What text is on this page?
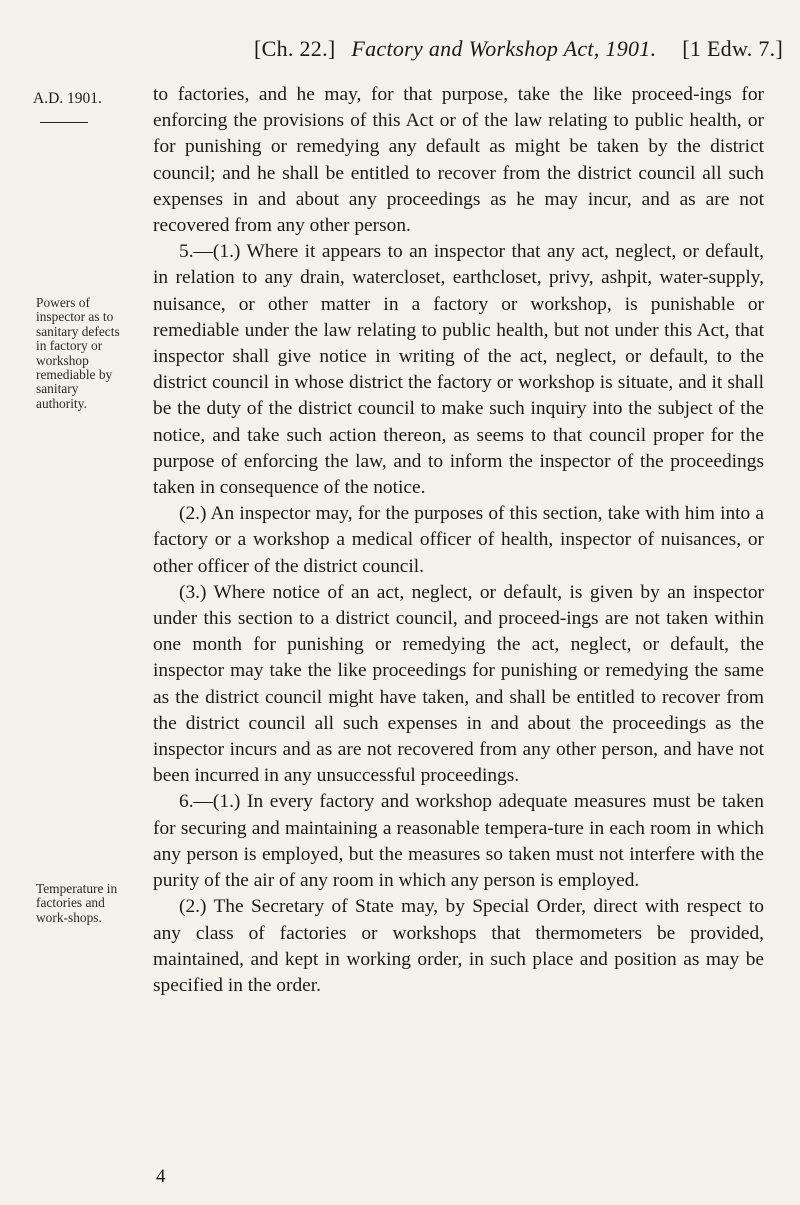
[Ch. 22.] Factory and Workshop Act, 1901. [1 Edw. 7.]
A.D. 1901.
Powers of inspector as to sanitary defects in factory or workshop remediable by sanitary authority.
Temperature in factories and work-shops.

to factories, and he may, for that purpose, take the like proceed-ings for enforcing the provisions of this Act or of the law relating to public health, or for punishing or remedying any default as might be taken by the district council; and he shall be entitled to recover from the district council all such expenses in and about any proceedings as he may incur, and as are not recovered from any other person.

5.—(1.) Where it appears to an inspector that any act, neglect, or default, in relation to any drain, watercloset, earthcloset, privy, ashpit, water-supply, nuisance, or other matter in a factory or workshop, is punishable or remediable under the law relating to public health, but not under this Act, that inspector shall give notice in writing of the act, neglect, or default, to the district council in whose district the factory or workshop is situate, and it shall be the duty of the district council to make such inquiry into the subject of the notice, and take such action thereon, as seems to that council proper for the purpose of enforcing the law, and to inform the inspector of the proceedings taken in consequence of the notice.

(2.) An inspector may, for the purposes of this section, take with him into a factory or a workshop a medical officer of health, inspector of nuisances, or other officer of the district council.

(3.) Where notice of an act, neglect, or default, is given by an inspector under this section to a district council, and proceed-ings are not taken within one month for punishing or remedying the act, neglect, or default, the inspector may take the like proceedings for punishing or remedying the same as the district council might have taken, and shall be entitled to recover from the district council all such expenses in and about the proceedings as the inspector incurs and as are not recovered from any other person, and have not been incurred in any unsuccessful proceedings.

6.—(1.) In every factory and workshop adequate measures must be taken for securing and maintaining a reasonable tempera-ture in each room in which any person is employed, but the measures so taken must not interfere with the purity of the air of any room in which any person is employed.

(2.) The Secretary of State may, by Special Order, direct with respect to any class of factories or workshops that thermometers be provided, maintained, and kept in working order, in such place and position as may be specified in the order.

4
